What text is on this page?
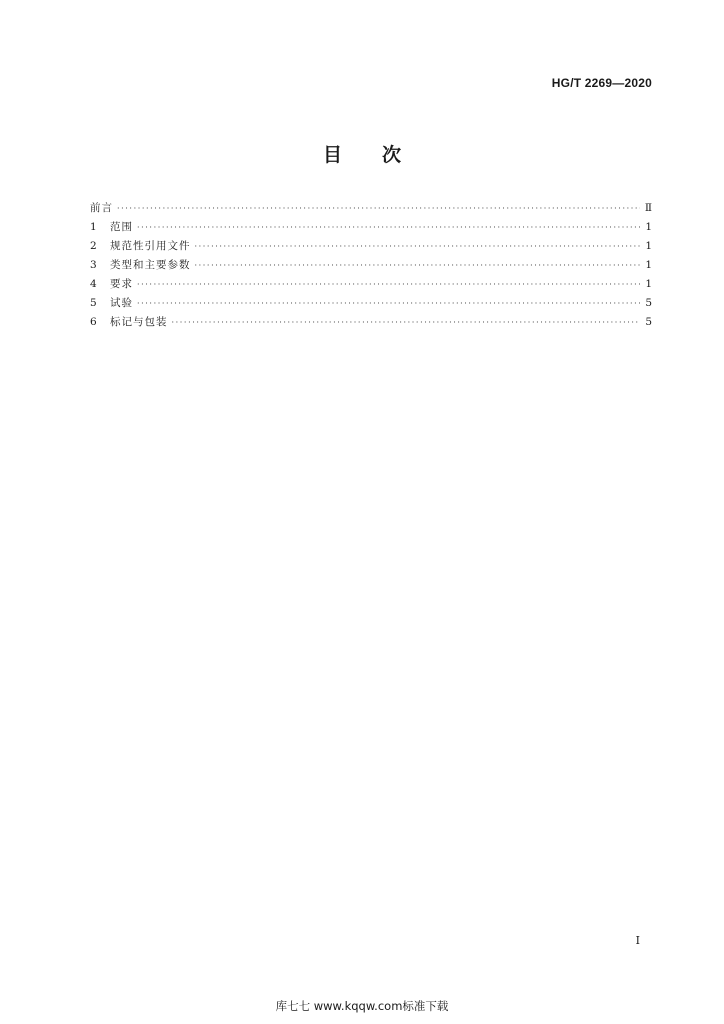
HG/T 2269—2020
目次
前言 ·····	Ⅱ
1	范围 ·····	1
2	规范性引用文件 ·····	1
3	类型和主要参数 ·····	1
4	要求 ·····	1
5	试验 ·····	5
6	标记与包装 ·····	5
I
库七七 www.kqqw.com标准下载
